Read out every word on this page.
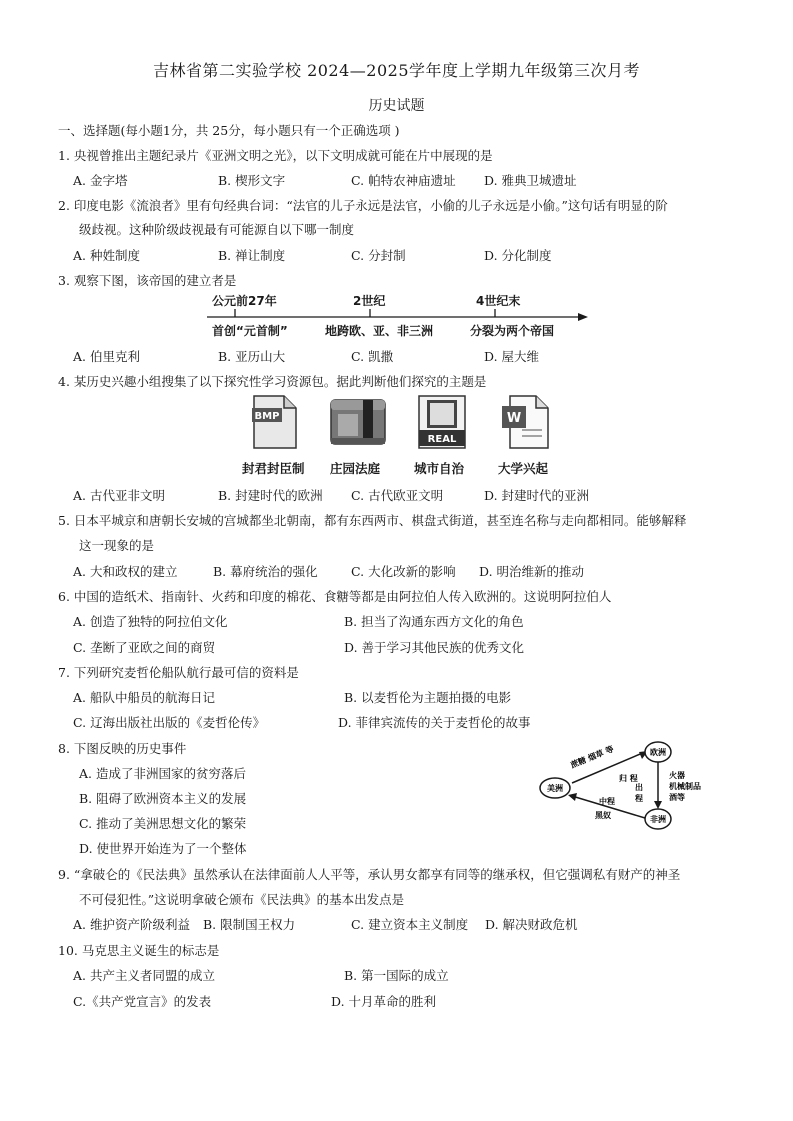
吉林省第二实验学校 2024—2025学年度上学期九年级第三次月考
历史试题
一、选择题(每小题1分，共 25分，每小题只有一个正确选项 )
1. 央视曾推出主题纪录片《亚洲文明之光》，以下文明成就可能在片中展现的是
A. 金字塔	B. 楔形文字	C. 帕特农神庙遗址 D. 雅典卫城遗址
2. 印度电影《流浪者》里有句经典台词：“法官的儿子永远是法官，小偷的儿子永远是小偷。”这句话有明显的阶
级歧视。这种阶级歧视最有可能源自以下哪一制度
A. 种姓制度	B. 禅让制度	C. 分封制	D. 分化制度
3. 观察下图，该帝国的建立者是
公元前27年	2世纪	4世纪末
首创“元首制”	地跨欧、亚、非三洲	分裂为两个帝国
A. 伯里克利	B. 亚历山大	C. 凯撒	D. 屋大维
4. 某历史兴趣小组搜集了以下探究性学习资源包。据此判断他们探究的主题是
BMP
REAL
W
封君封臣制 庄园法庭	城市自治	大学兴起
A. 古代亚非文明	B. 封建时代的欧洲 C. 古代欧亚文明	D. 封建时代的亚洲
5. 日本平城京和唐朝长安城的宫城都坐北朝南，都有东西两市、棋盘式街道，甚至连名称与走向都相同。能够解释
这一现象的是
A. 大和政权的建立	B. 幕府统治的强化	C. 大化改新的影响 D. 明治维新的推动
6. 中国的造纸术、指南针、火药和印度的棉花、食糖等都是由阿拉伯人传入欧洲的。这说明阿拉伯人
A. 创造了独特的阿拉伯文化	B. 担当了沟通东西方文化的角色
C. 垄断了亚欧之间的商贸	D. 善于学习其他民族的优秀文化
7. 下列研究麦哲伦船队航行最可信的资料是
A. 船队中船员的航海日记	B. 以麦哲伦为主题拍摄的电影
C. 辽海出版社出版的《麦哲伦传》	D. 菲律宾流传的关于麦哲伦的故事
8. 下图反映的历史事件
A. 造成了非洲国家的贫穷落后
B. 阻碍了欧洲资本主义的发展
C. 推动了美洲思想文化的繁荣
D. 使世界开始连为了一个整体
欧洲
美洲
非洲
蔗糖 烟草 等
归 程	火器机械制品酒等
出 程
中程
黑奴
9. “拿破仑的《民法典》虽然承认在法律面前人人平等，承认男女都享有同等的继承权，但它强调私有财产的神圣
不可侵犯性。”这说明拿破仑颁布《民法典》的基本出发点是
A. 维护资产阶级利益 B. 限制国王权力	C. 建立资本主义制度 D. 解决财政危机
10. 马克思主义诞生的标志是
A. 共产主义者同盟的成立	B. 第一国际的成立
C.《共产党宣言》的发表	D. 十月革命的胜利
